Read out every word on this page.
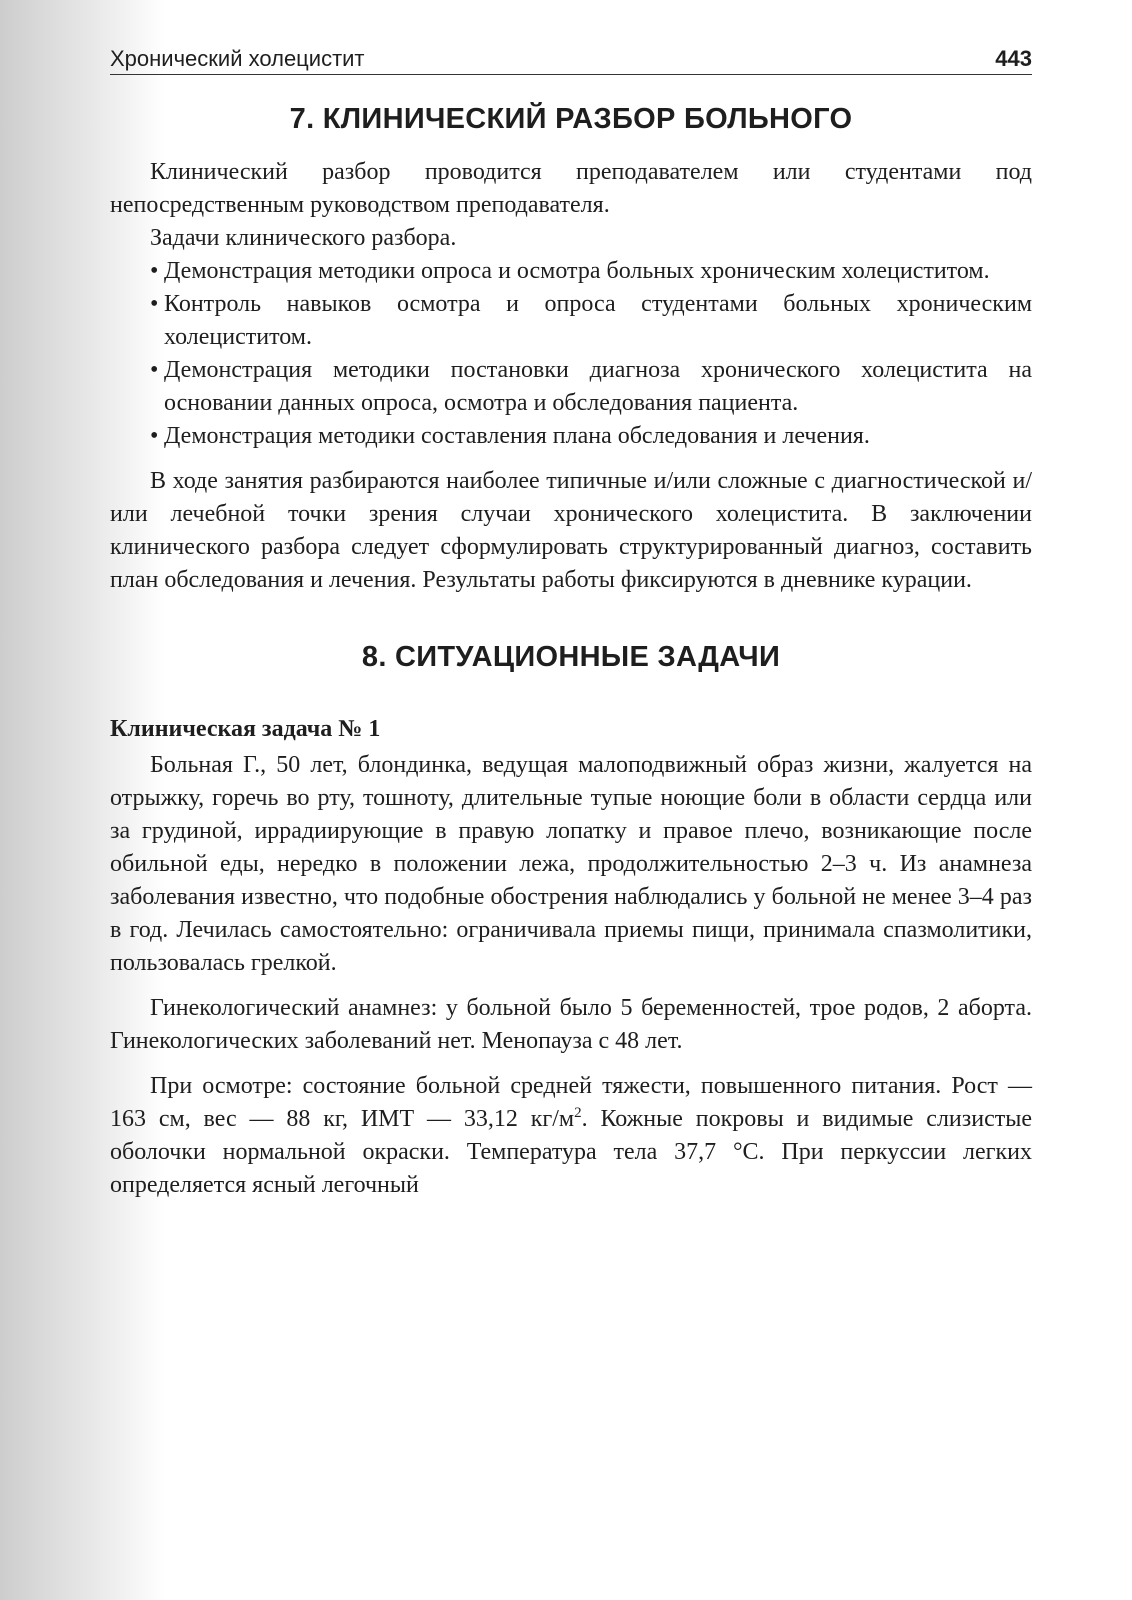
Хронический холецистит	443
7. КЛИНИЧЕСКИЙ РАЗБОР БОЛЬНОГО

Клинический разбор проводится преподавателем или студентами под непосредственным руководством преподавателя.

Задачи клинического разбора.

• Демонстрация методики опроса и осмотра больных хроническим холециститом.
• Контроль навыков осмотра и опроса студентами больных хроническим холециститом.
• Демонстрация методики постановки диагноза хронического холецистита на основании данных опроса, осмотра и обследования пациента.
• Демонстрация методики составления плана обследования и лечения.

В ходе занятия разбираются наиболее типичные и/или сложные с диагностической и/или лечебной точки зрения случаи хронического холецистита. В заключении клинического разбора следует сформулировать структурированный диагноз, составить план обследования и лечения. Результаты работы фиксируются в дневнике курации.

8. СИТУАЦИОННЫЕ ЗАДАЧИ
Клиническая задача № 1

Больная Г., 50 лет, блондинка, ведущая малоподвижный образ жизни, жалуется на отрыжку, горечь во рту, тошноту, длительные тупые ноющие боли в области сердца или за грудиной, иррадиирующие в правую лопатку и правое плечо, возникающие после обильной еды, нередко в положении лежа, продолжительностью 2–3 ч. Из анамнеза заболевания известно, что подобные обострения наблюдались у больной не менее 3–4 раз в год. Лечилась самостоятельно: ограничивала приемы пищи, принимала спазмолитики, пользовалась грелкой.

Гинекологический анамнез: у больной было 5 беременностей, трое родов, 2 аборта. Гинекологических заболеваний нет. Менопауза с 48 лет.

При осмотре: состояние больной средней тяжести, повышенного питания. Рост — 163 см, вес — 88 кг, ИМТ — 33,12 $кг/м^2$. Кожные покровы и видимые слизистые оболочки нормальной окраски. Температура тела 37,7 °С. При перкуссии легких определяется ясный легочный
